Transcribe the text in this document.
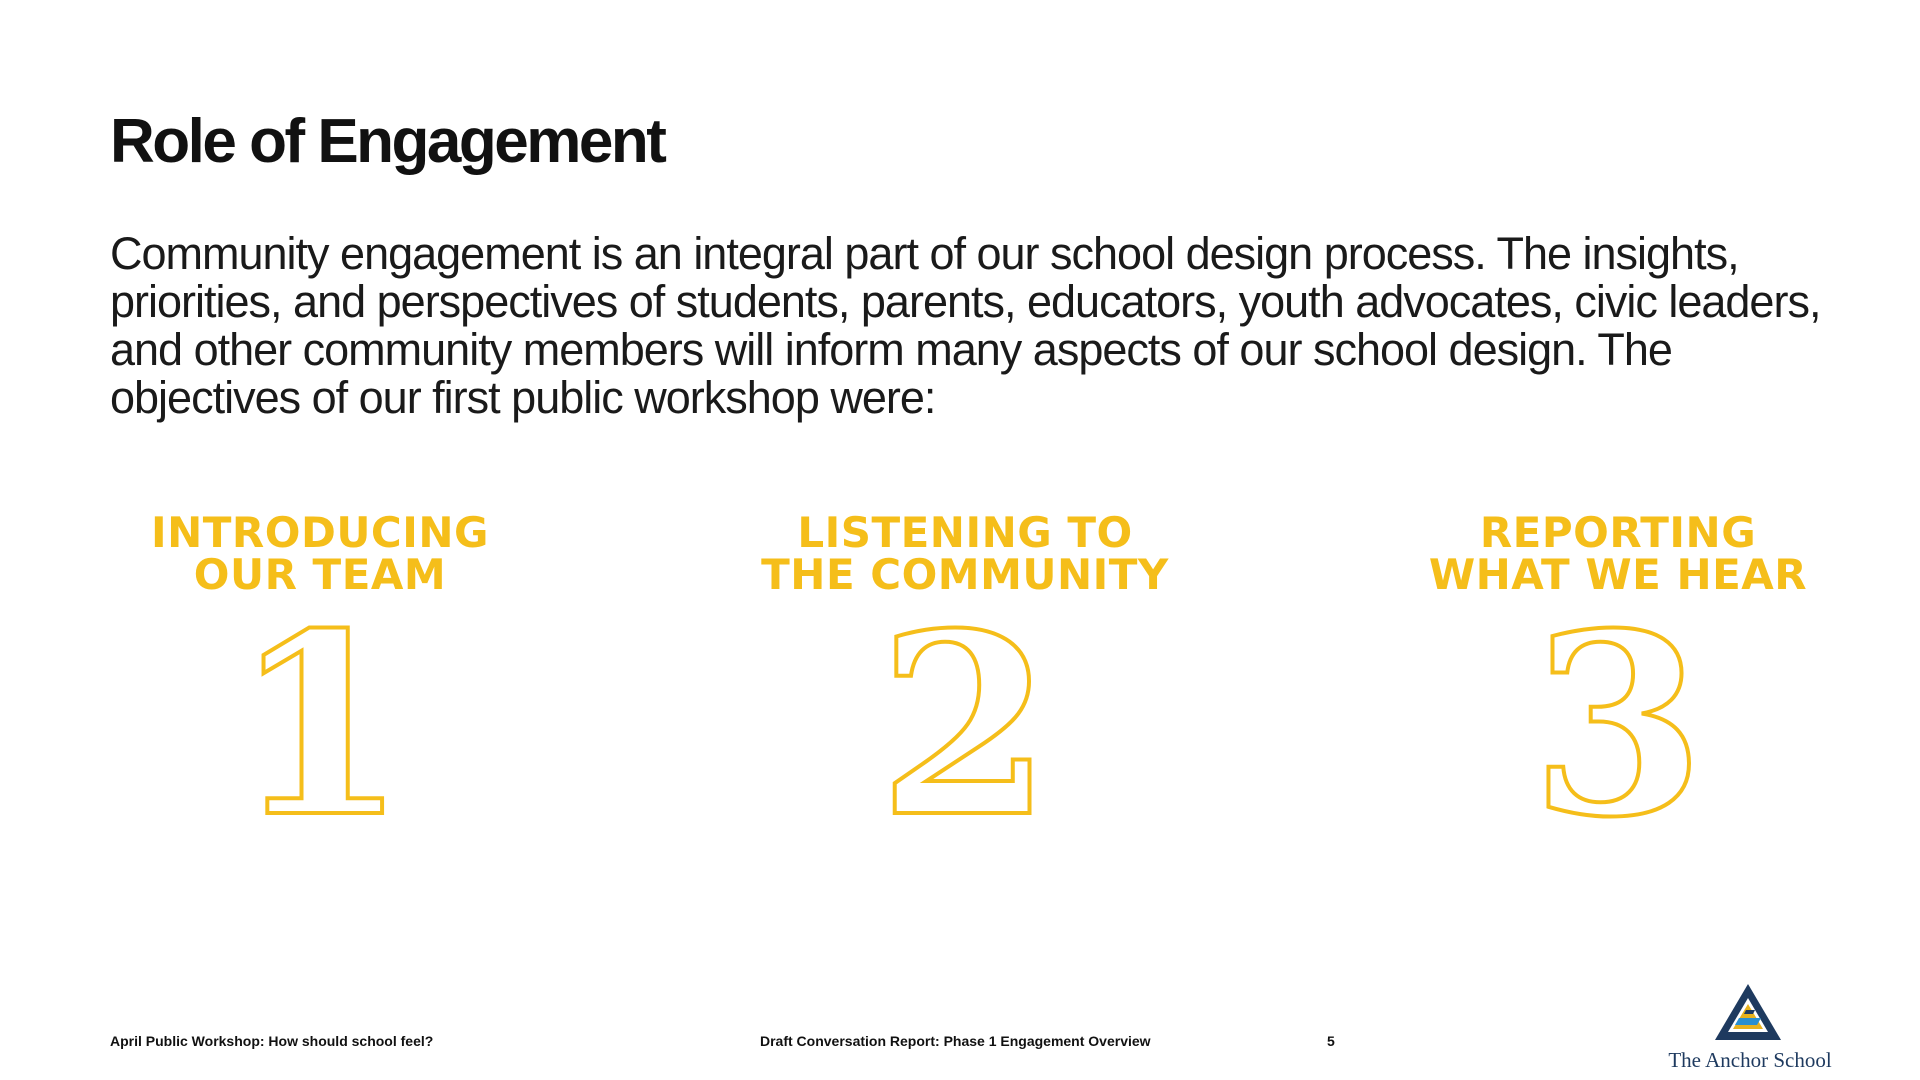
Role of Engagement

Community engagement is an integral part of our school design process. The insights, priorities, and perspectives of students, parents, educators, youth advocates, civic leaders, and other community members will inform many aspects of our school design. The objectives of our first public workshop were:

INTRODUCING
OUR TEAM
1
LISTENING TO
THE COMMUNITY
2
REPORTING
WHAT WE HEAR
3
April Public Workshop: How should school feel?	Draft Conversation Report: Phase 1 Engagement Overview	5
The Anchor School
